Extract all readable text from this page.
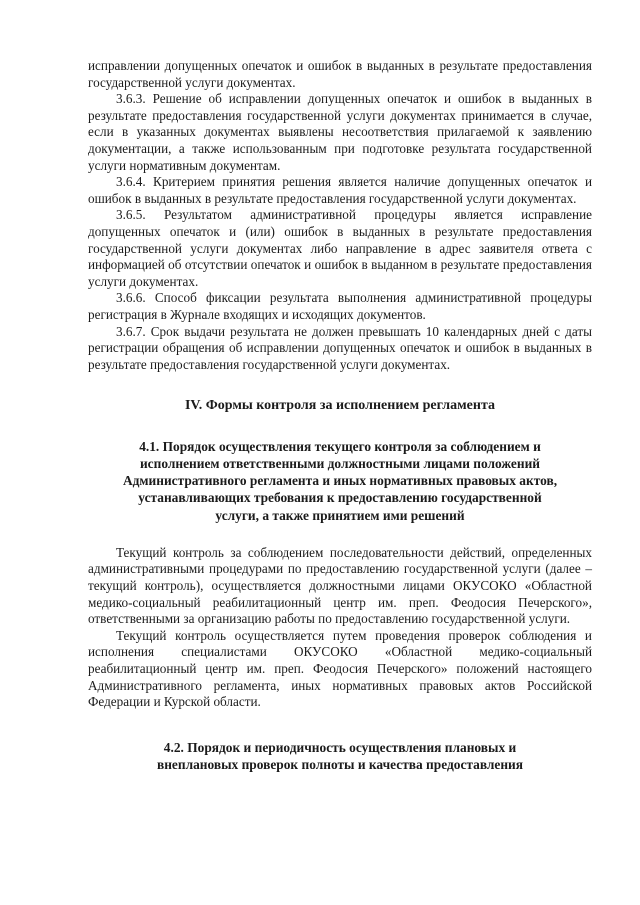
исправлении допущенных опечаток и ошибок в выданных в результате предоставления государственной услуги документах.

3.6.3. Решение об исправлении допущенных опечаток и ошибок в выданных в результате предоставления государственной услуги документах принимается в случае, если в указанных документах выявлены несоответствия прилагаемой к заявлению документации, а также использованным при подготовке результата государственной услуги нормативным документам.

3.6.4. Критерием принятия решения является наличие допущенных опечаток и ошибок в выданных в результате предоставления государственной услуги документах.

3.6.5. Результатом административной процедуры является исправление допущенных опечаток и (или) ошибок в выданных в результате предоставления государственной услуги документах либо направление в адрес заявителя ответа с информацией об отсутствии опечаток и ошибок в выданном в результате предоставления услуги документах.

3.6.6. Способ фиксации результата выполнения административной процедуры регистрация в Журнале входящих и исходящих документов.

3.6.7. Срок выдачи результата не должен превышать 10 календарных дней с даты регистрации обращения об исправлении допущенных опечаток и ошибок в выданных в результате предоставления государственной услуги документах.

IV. Формы контроля за исполнением регламента
4.1. Порядок осуществления текущего контроля за соблюдением и
исполнением ответственными должностными лицами положений
Административного регламента и иных нормативных правовых актов,
устанавливающих требования к предоставлению государственной
услуги, а также принятием ими решений

Текущий контроль за соблюдением последовательности действий, определенных административными процедурами по предоставлению государственной услуги (далее – текущий контроль), осуществляется должностными лицами ОКУСОКО «Областной медико-социальный реабилитационный центр им. преп. Феодосия Печерского», ответственными за организацию работы по предоставлению государственной услуги.

Текущий контроль осуществляется путем проведения проверок соблюдения и исполнения специалистами ОКУСОКО «Областной медико-социальный реабилитационный центр им. преп. Феодосия Печерского» положений настоящего Административного регламента, иных нормативных правовых актов Российской Федерации и Курской области.

4.2. Порядок и периодичность осуществления плановых и
внеплановых проверок полноты и качества предоставления
